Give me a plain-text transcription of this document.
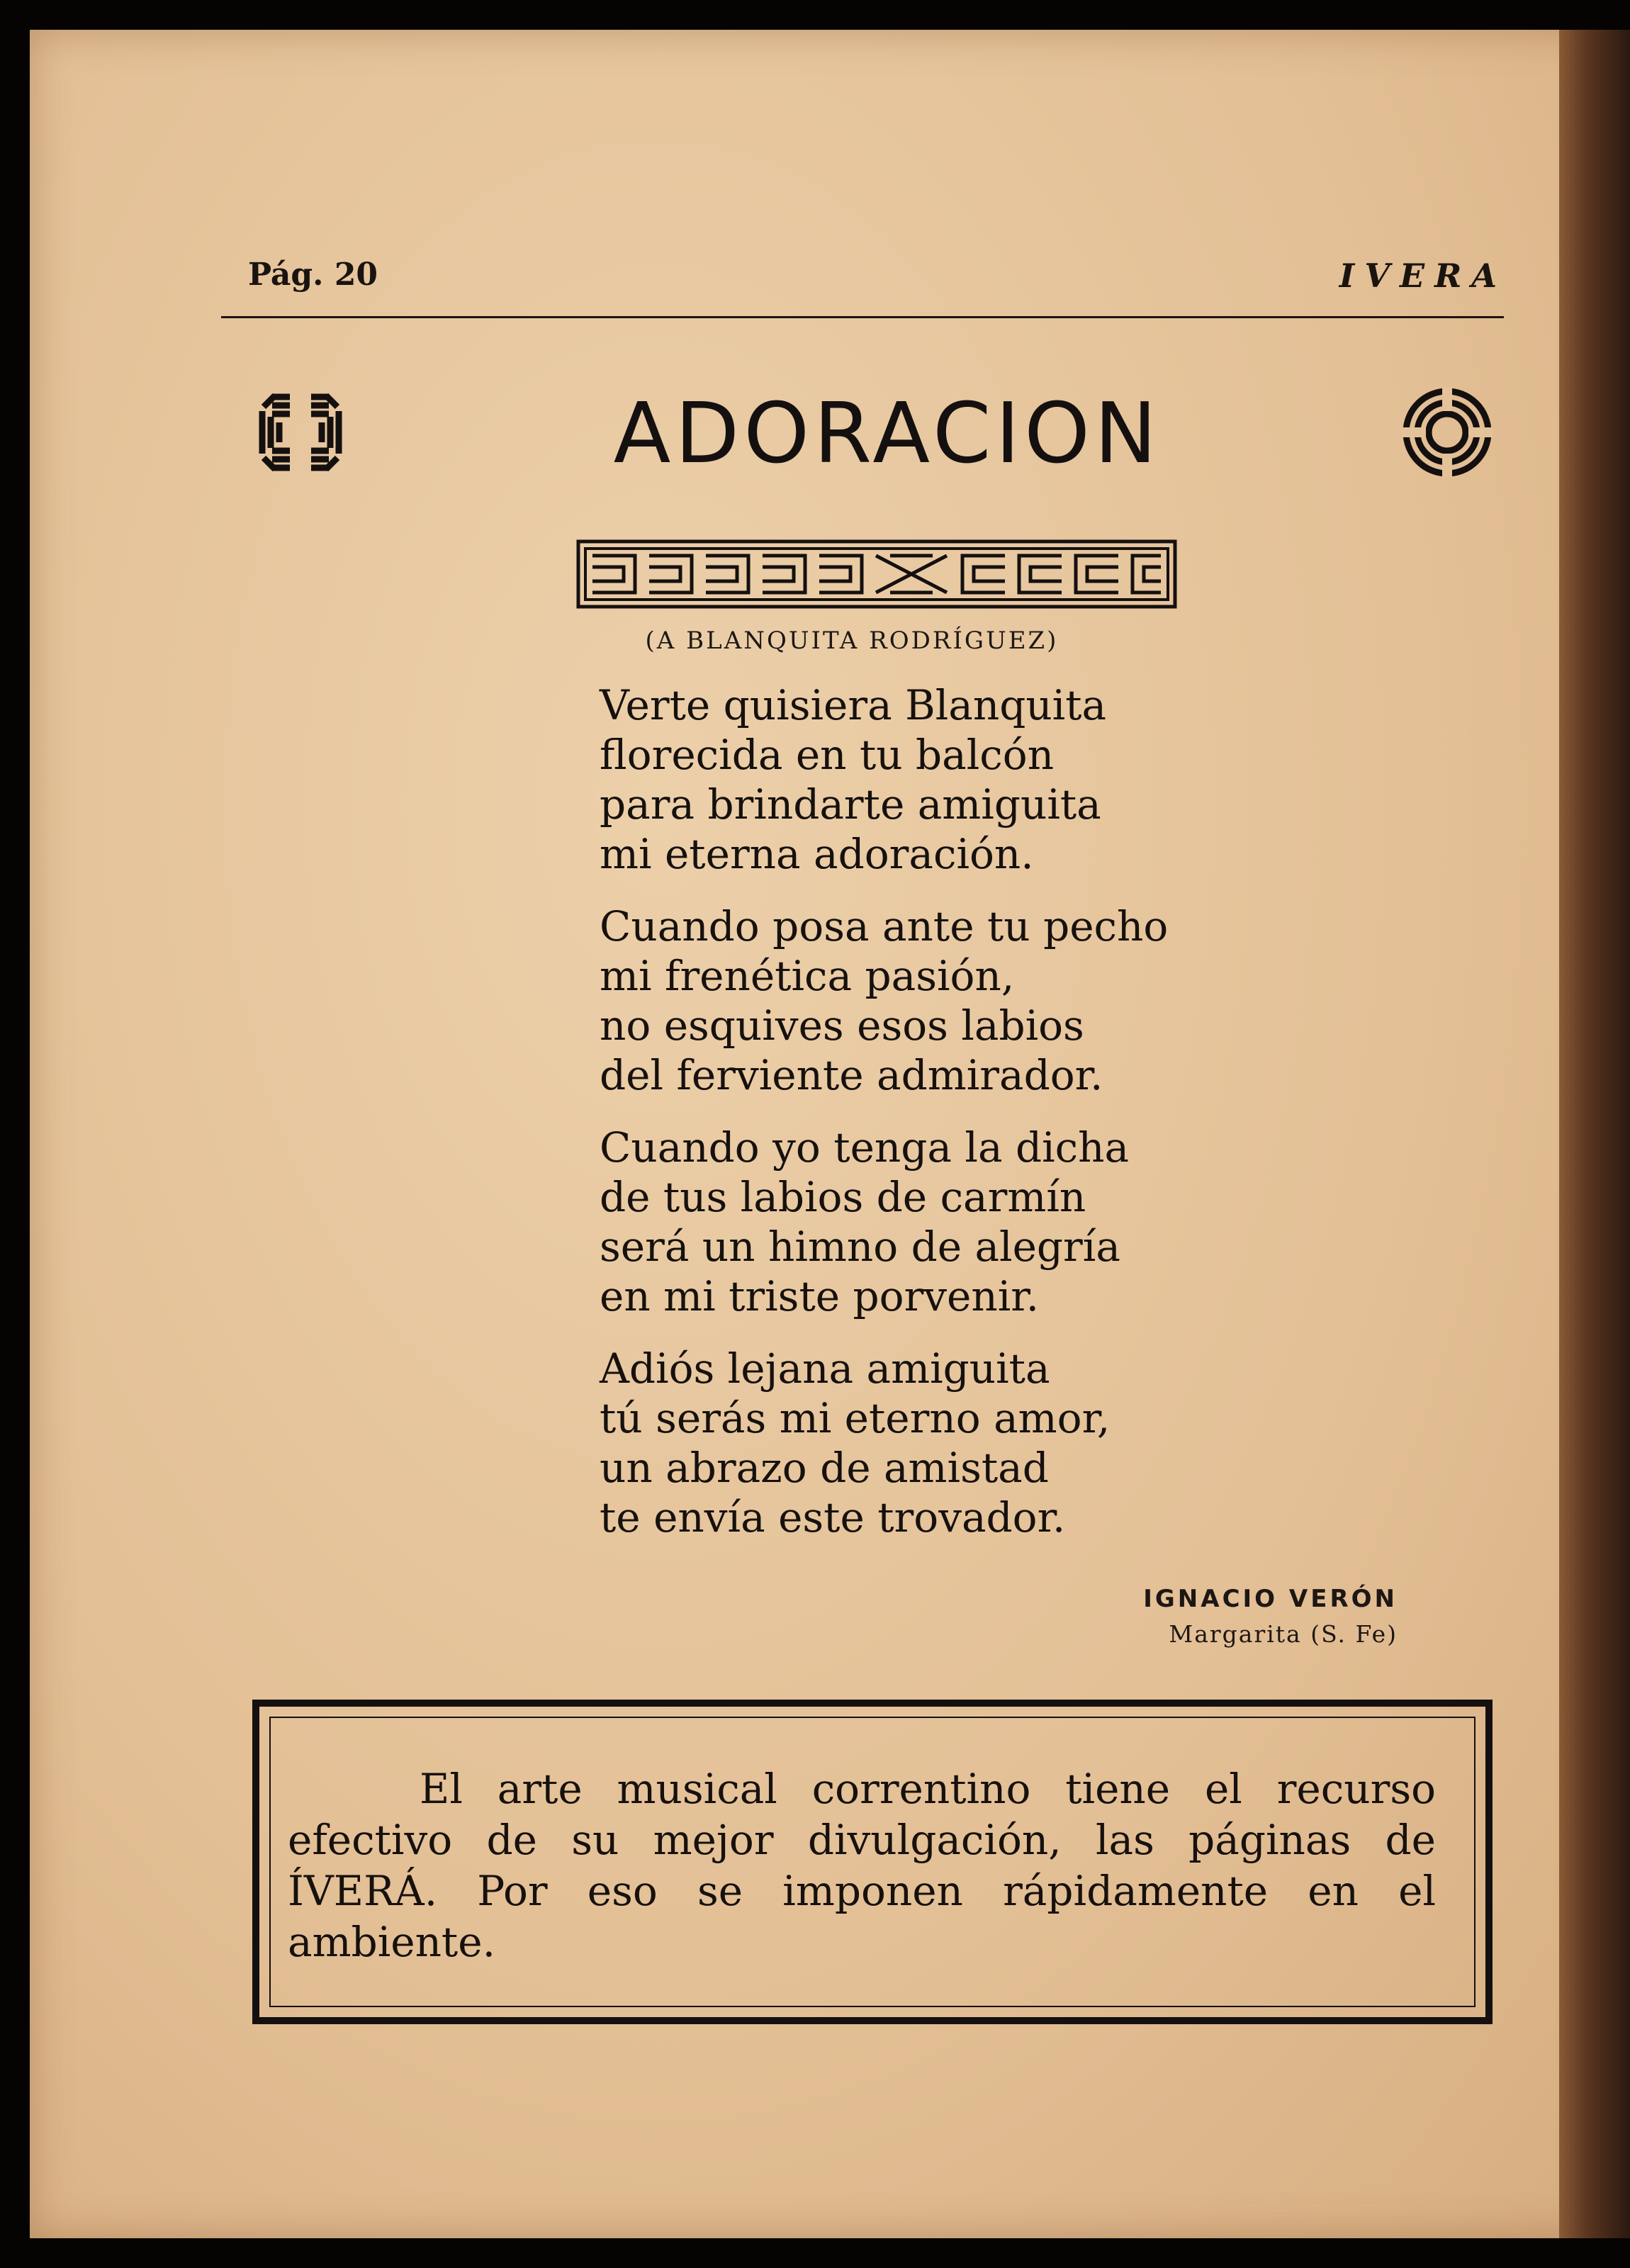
Pág. 20	IVERA
ADORACION
(A BLANQUITA RODRÍGUEZ)
Verte quisiera Blanquita
florecida en tu balcón
para brindarte amiguita
mi eterna adoración.
Cuando posa ante tu pecho
mi frenética pasión,
no esquives esos labios
del ferviente admirador.
Cuando yo tenga la dicha
de tus labios de carmín
será un himno de alegría
en mi triste porvenir.
Adiós lejana amiguita
tú serás mi eterno amor,
un abrazo de amistad
te envía este trovador.
IGNACIO VERÓN
Margarita (S. Fe)
El arte musical correntino tiene el recurso efectivo de su mejor divulgación, las páginas de ÍVERÁ. Por eso se imponen rápidamente en el ambiente.
